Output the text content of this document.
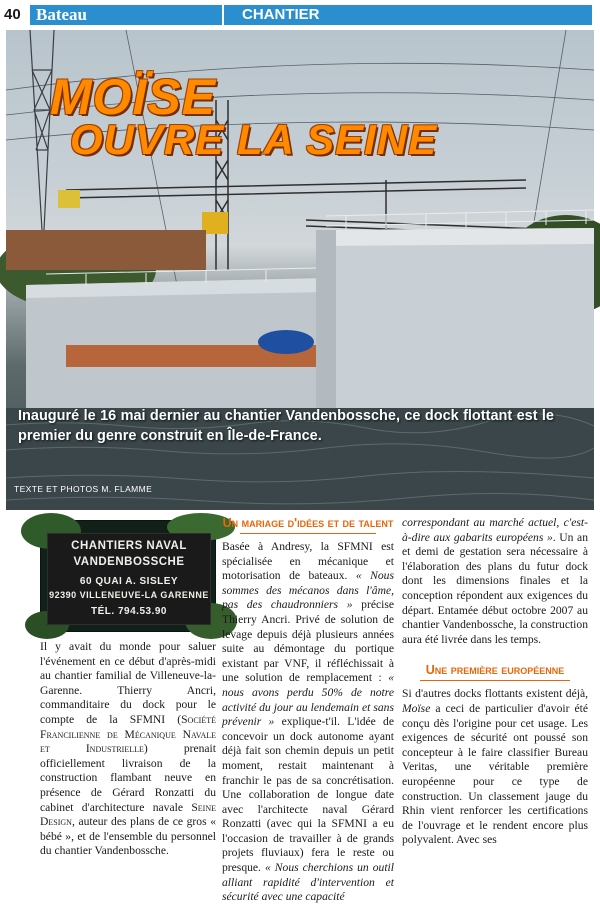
40 Bateau	CHANTIER
MOÏSE
OUVRE LA SEINE
Inauguré le 16 mai dernier au chantier Vandenbossche, ce dock flottant est le premier du genre construit en Île-de-France.
TEXTE ET PHOTOS M. FLAMME
CHANTIERS NAVAL
VANDENBOSSCHE
60 QUAI A. SISLEY
92390 VILLENEUVE-LA GARENNE
TÉL. 794.53.90

Il y avait du monde pour saluer l'événement en ce début d'après-midi au chantier familial de Villeneuve-la-Garenne. Thierry Ancri, commanditaire du dock pour le compte de la SFMNI (Société Francilienne de Mécanique Navale et Industrielle) prenait officiellement livraison de la construction flambant neuve en présence de Gérard Ronzatti du cabinet d'architecture navale Seine Design, auteur des plans de ce gros « bébé », et de l'ensemble du personnel du chantier Vandenbossche.

Un mariage d'idées et de talent

Basée à Andresy, la SFMNI est spécialisée en mécanique et motorisation de bateaux. « Nous sommes des mécanos dans l'âme, pas des chaudronniers » précise Thierry Ancri. Privé de solution de levage depuis déjà plusieurs années suite au démontage du portique existant par VNF, il réfléchissait à une solution de remplacement : « nous avons perdu 50% de notre activité du jour au lendemain et sans prévenir » explique-t'il. L'idée de concevoir un dock autonome ayant déjà fait son chemin depuis un petit moment, restait maintenant à franchir le pas de sa concrétisation. Une collaboration de longue date avec l'architecte naval Gérard Ronzatti (avec qui la SFMNI a eu l'occasion de travailler à de grands projets fluviaux) fera le reste ou presque. « Nous cherchions un outil alliant rapidité d'intervention et sécurité avec une capacité

correspondant au marché actuel, c'est-à-dire aux gabarits européens ». Un an et demi de gestation sera nécessaire à l'élaboration des plans du futur dock dont les dimensions finales et la conception répondent aux exigences du départ. Entamée début octobre 2007 au chantier Vandenbossche, la construction aura été livrée dans les temps.

Une première européenne

Si d'autres docks flottants existent déjà, Moïse a ceci de particulier d'avoir été conçu dès l'origine pour cet usage. Les exigences de sécurité ont poussé son concepteur à le faire classifier Bureau Veritas, une véritable première européenne pour ce type de construction. Un classement jauge du Rhin vient renforcer les certifications de l'ouvrage et le rendent encore plus polyvalent. Avec ses
